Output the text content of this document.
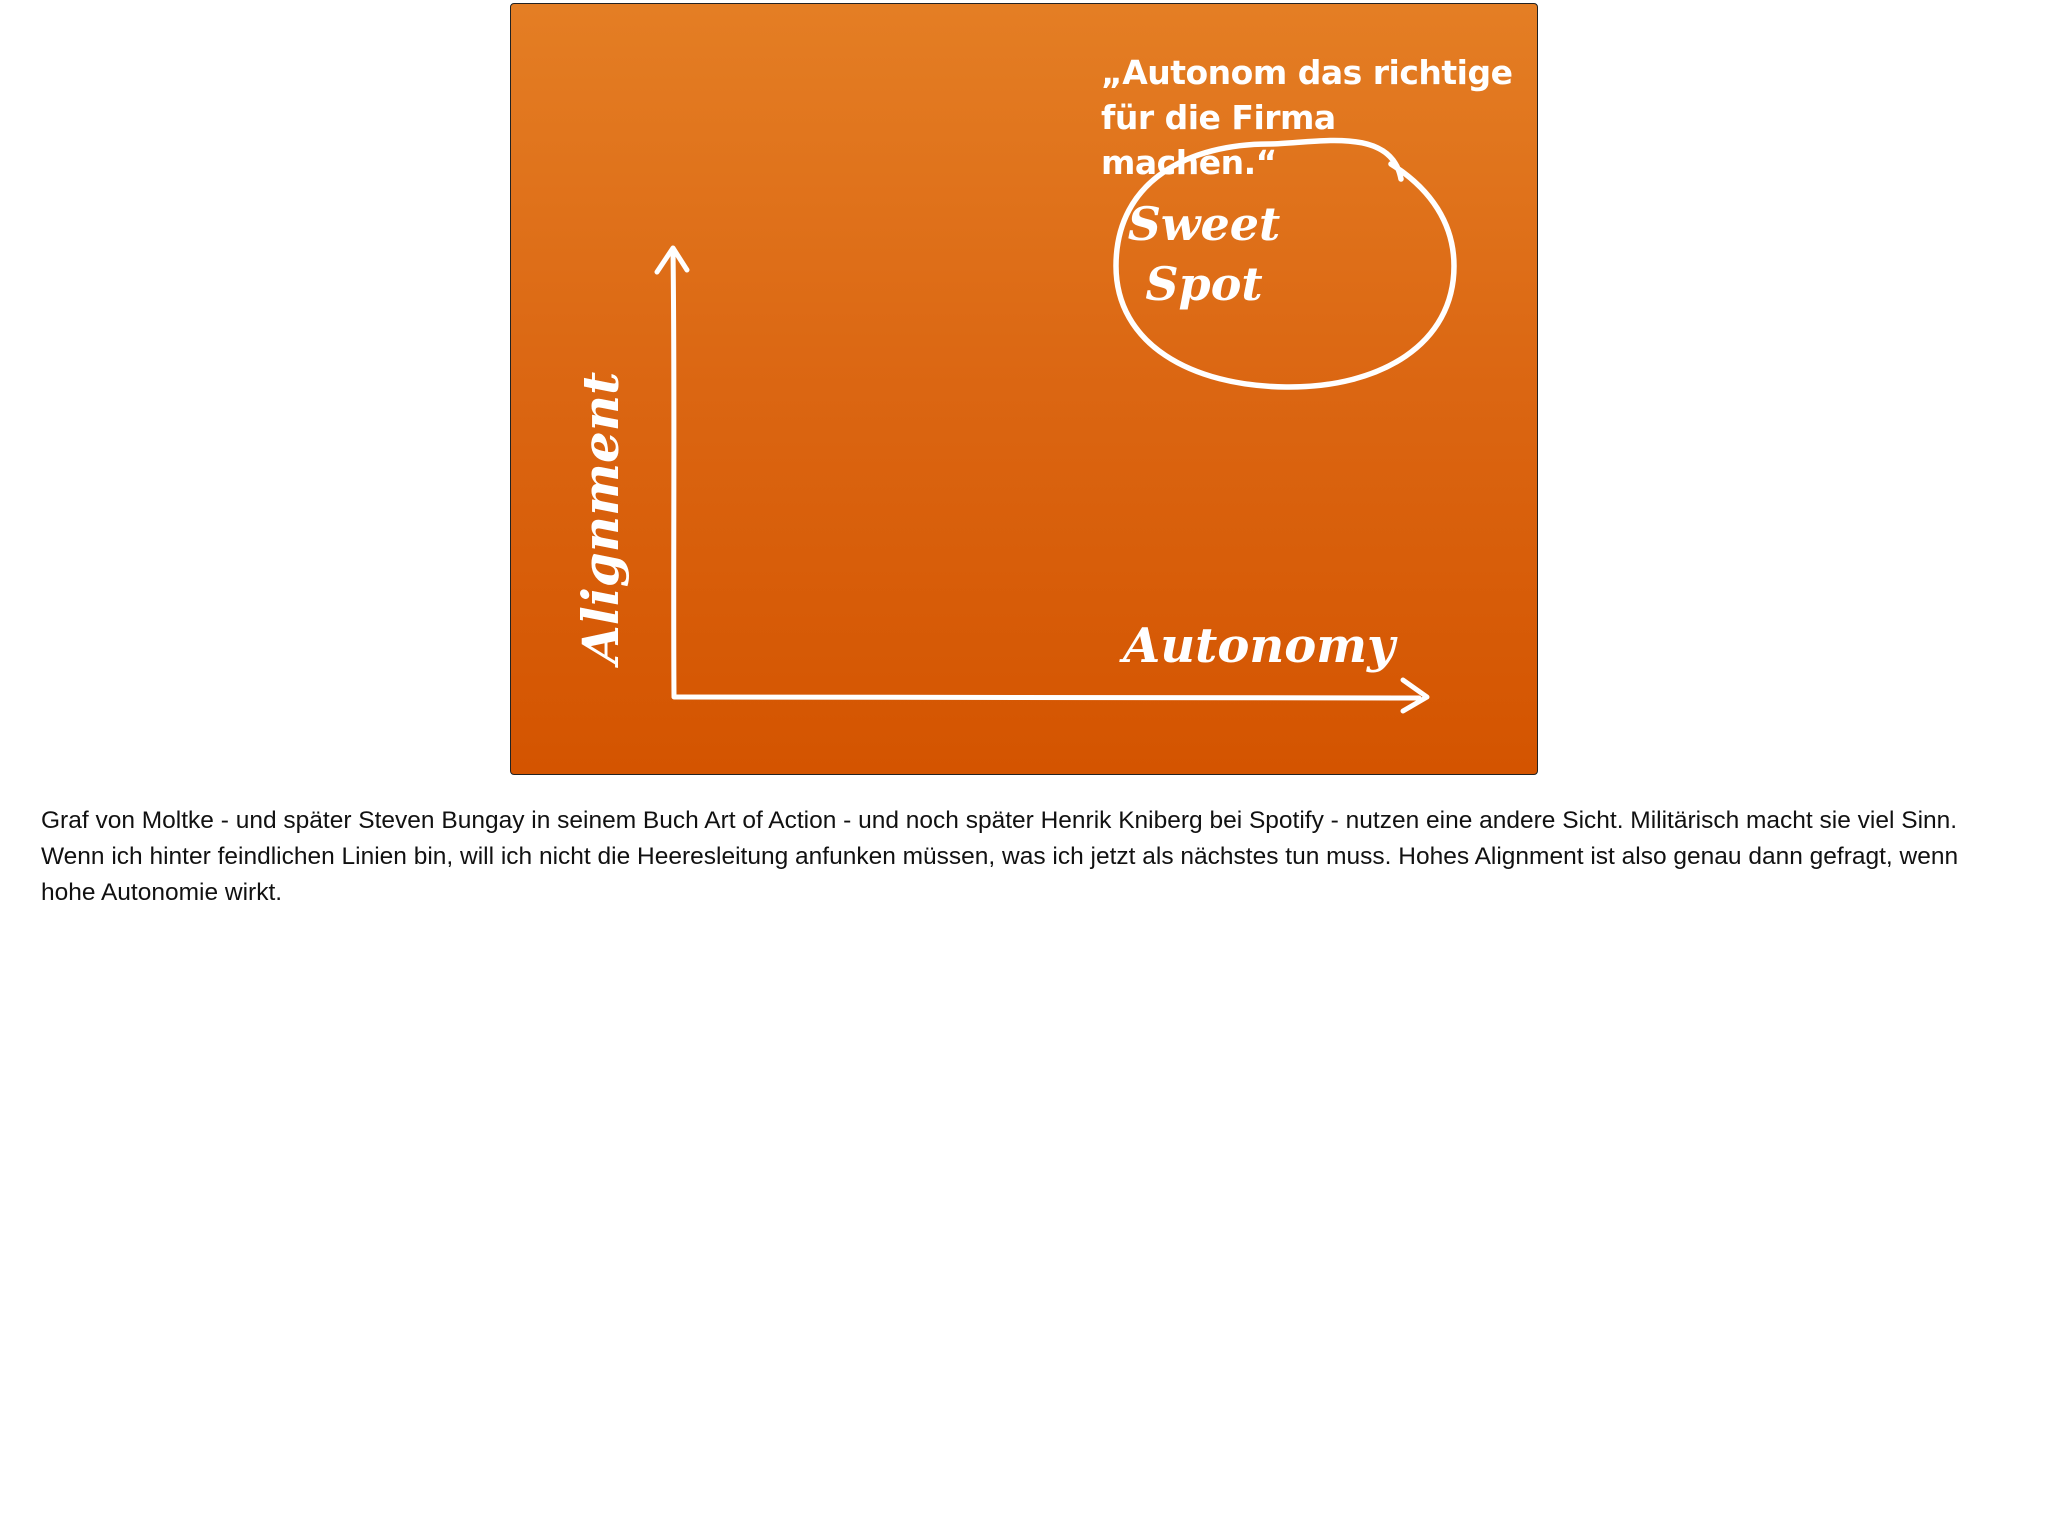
„Autonom das richtige
für die Firma machen.“
Sweet
Spot
Autonomy
Alignment
Graf von Moltke - und später Steven Bungay in seinem Buch Art of Action - und noch später Henrik Kniberg bei Spotify - nutzen eine andere Sicht. Militärisch macht sie viel Sinn. Wenn ich hinter feindlichen Linien bin, will ich nicht die Heeresleitung anfunken müssen, was ich jetzt als nächstes tun muss. Hohes Alignment ist also genau dann gefragt, wenn hohe Autonomie wirkt.
